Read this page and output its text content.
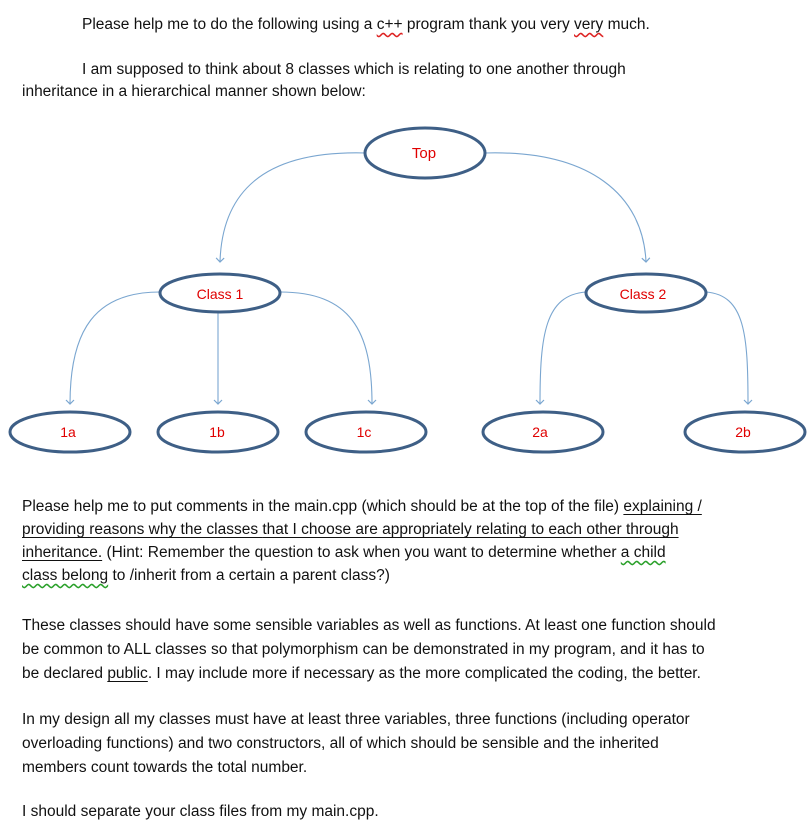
Please help me to do the following using a c++ program thank you very very much.
I am supposed to think about 8 classes which is relating to one another through
inheritance in a hierarchical manner shown below:
Top
Class 1	Class 2
1a	1b	1c	2a	2b
Please help me to put comments in the main.cpp (which should be at the top of the file) explaining /
providing reasons why the classes that I choose are appropriately relating to each other through
inheritance. (Hint: Remember the question to ask when you want to determine whether a child
class belong to /inherit from a certain a parent class?)
These classes should have some sensible variables as well as functions. At least one function should
be common to ALL classes so that polymorphism can be demonstrated in my program, and it has to
be declared public. I may include more if necessary as the more complicated the coding, the better.
In my design all my classes must have at least three variables, three functions (including operator
overloading functions) and two constructors, all of which should be sensible and the inherited
members count towards the total number.
I should separate your class files from my main.cpp.
